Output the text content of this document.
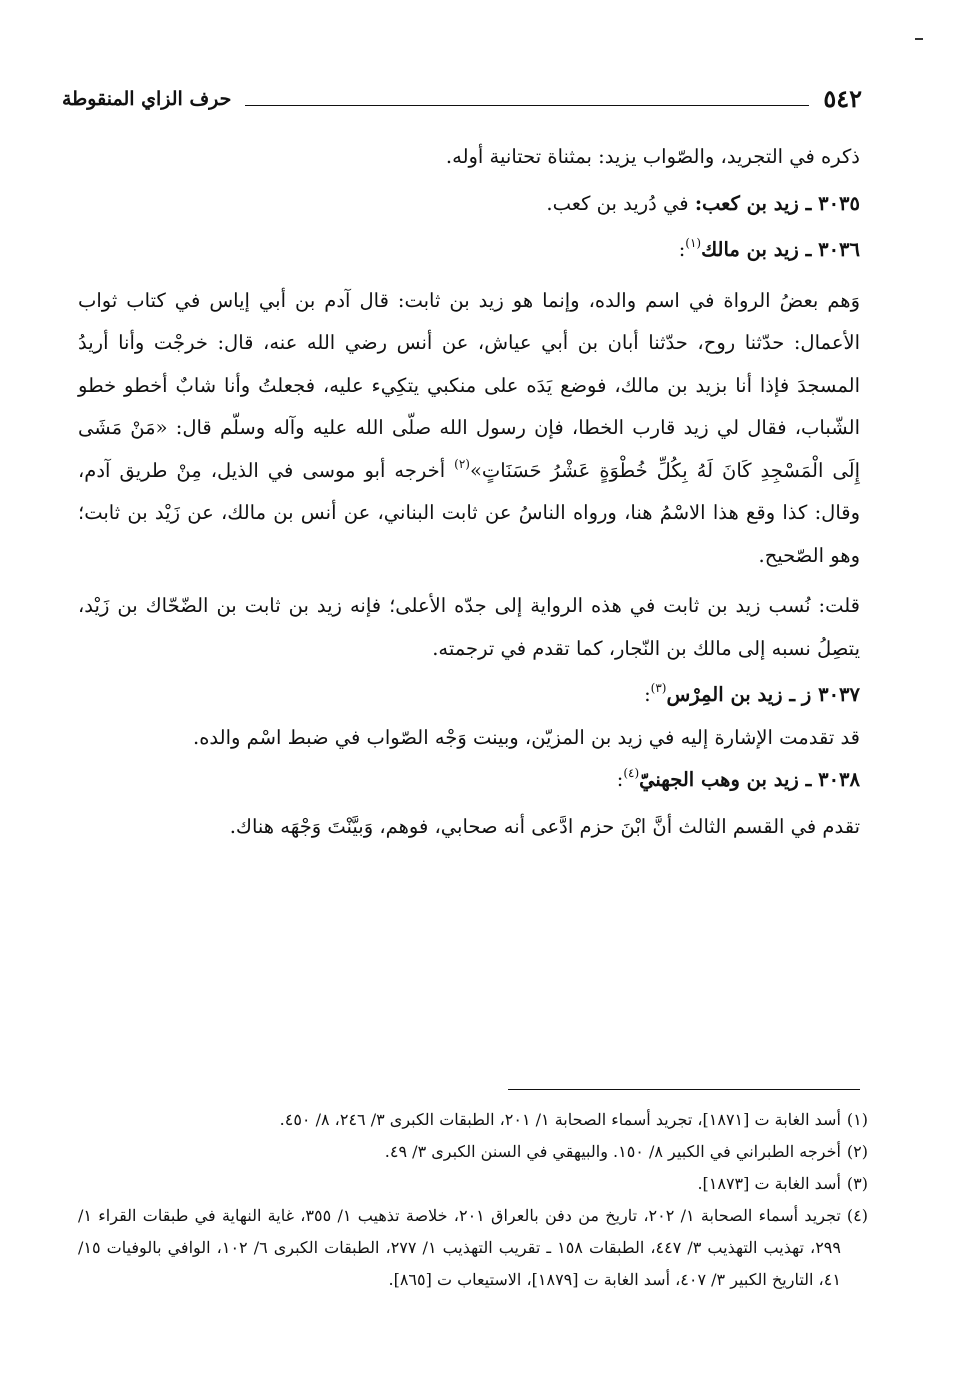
٥٤٢
حرف الزاي المنقوطة

ذكره في التجريد، والصّواب يزيد: بمثناة تحتانية أوله.

٣٠٣٥ ـ زيد بن كعب: في دُريد بن كعب.

٣٠٣٦ ـ زيد بن مالك$^{(١)}$:

وَهم بعضُ الرواة في اسم والده، وإنما هو زيد بن ثابت: قال آدم بن أبي إياس في كتاب ثواب الأعمال: حدّثنا روح، حدّثنا أبان بن أبي عياش، عن أنس رضي الله عنه، قال: خرجْت وأنا أريدُ المسجدَ فإذا أنا بزيد بن مالك، فوضع يَدَه على منكبي يتكِيء عليه، فجعلتُ وأنا شابٌ أخطو خطو الشّباب، فقال لي زيد قارب الخطا، فإن رسول الله صلّى الله عليه وآله وسلّم قال: «مَنْ مَشَى إِلَى الْمَسْجِدِ كَانَ لَهُ بِكُلِّ خُطْوَةٍ عَشْرُ حَسَنَاتٍ»$^{(٢)}$ أخرجه أبو موسى في الذيل، مِنْ طريق آدم، وقال: كذا وقع هذا الاسْمُ هنا، ورواه الناسُ عن ثابت البناني، عن أنس بن مالك، عن زَيْد بن ثابت؛ وهو الصّحيح.

قلت: نُسب زيد بن ثابت في هذه الرواية إلى جدّه الأعلى؛ فإنه زيد بن ثابت بن الضّحّاك بن زَيْد، يتصِلُ نسبه إلى مالك بن النّجار، كما تقدم في ترجمته.

٣٠٣٧ ز ـ زيد بن المِرْس$^{(٣)}$:

قد تقدمت الإشارة إليه في زيد بن المزيّن، وبينت وَجْه الصّواب في ضبط اسْم والده.

٣٠٣٨ ـ زيد بن وهب الجهنيّ$^{(٤)}$:

تقدم في القسم الثالث أنَّ ابْنَ حزم ادَّعى أنه صحابي، فوهم، وَبيَّنْتَ وَجْهَه هناك.

(١)
أسد الغابة ت [١٨٧١]، تجريد أسماء الصحابة ١/ ٢٠١، الطبقات الكبرى ٣/ ٢٤٦، ٨/ ٤٥٠.

(٢)
أخرجه الطبراني في الكبير ٨/ ١٥٠. والبيهقي في السنن الكبرى ٣/ ٤٩.

(٣)
أسد الغابة ت [١٨٧٣].

(٤)
تجريد أسماء الصحابة ١/ ٢٠٢، تاريخ من دفن بالعراق ٢٠١، خلاصة تذهيب ١/ ٣٥٥، غاية النهاية في طبقات القراء ١/ ٢٩٩، تهذيب التهذيب ٣/ ٤٤٧، الطبقات ١٥٨ ـ تقريب التهذيب ١/ ٢٧٧، الطبقات الكبرى ٦/ ١٠٢، الوافي بالوفيات ١٥/ ٤١، التاريخ الكبير ٣/ ٤٠٧، أسد الغابة ت [١٨٧٩]، الاستيعاب ت [٨٦٥].
